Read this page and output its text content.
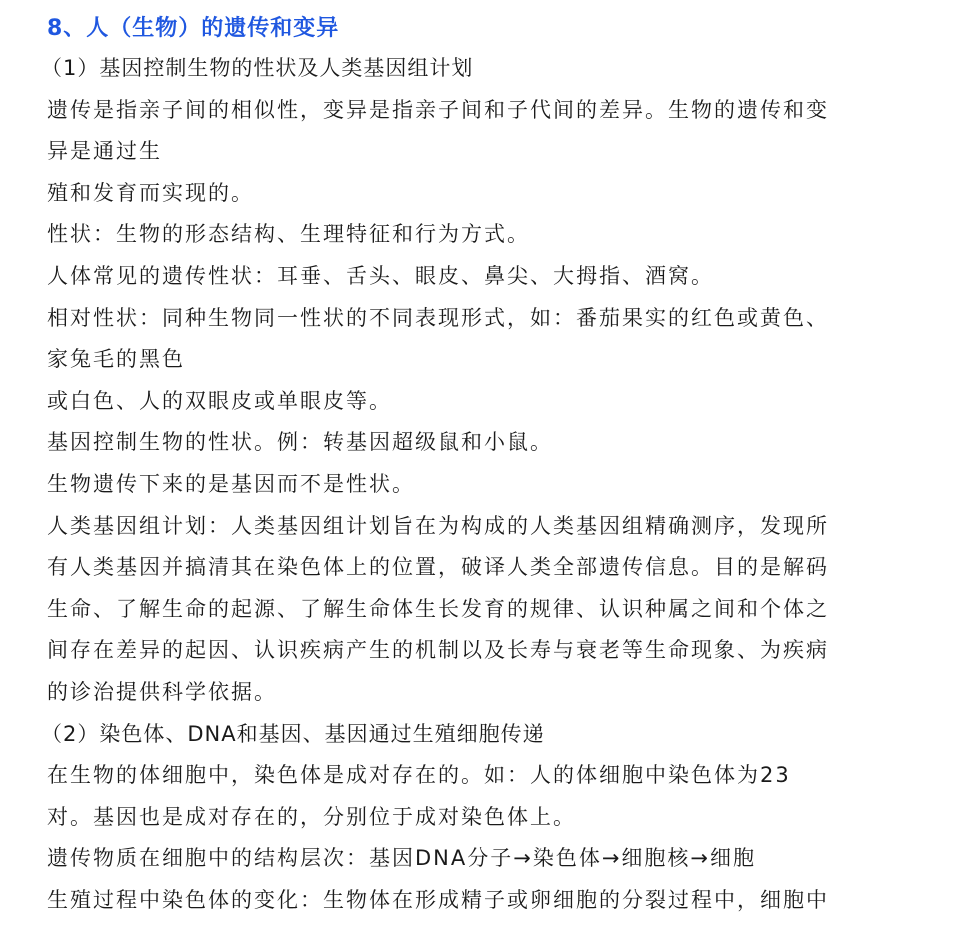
8、人（生物）的遗传和变异
（1）基因控制生物的性状及人类基因组计划
遗传是指亲子间的相似性，变异是指亲子间和子代间的差异。生物的遗传和变
异是通过生
殖和发育而实现的。
性状：生物的形态结构、生理特征和行为方式。
人体常见的遗传性状：耳垂、舌头、眼皮、鼻尖、大拇指、酒窝。
相对性状：同种生物同一性状的不同表现形式，如：番茄果实的红色或黄色、
家兔毛的黑色
或白色、人的双眼皮或单眼皮等。
基因控制生物的性状。例：转基因超级鼠和小鼠。
生物遗传下来的是基因而不是性状。
人类基因组计划：人类基因组计划旨在为构成的人类基因组精确测序，发现所
有人类基因并搞清其在染色体上的位置，破译人类全部遗传信息。目的是解码
生命、了解生命的起源、了解生命体生长发育的规律、认识种属之间和个体之
间存在差异的起因、认识疾病产生的机制以及长寿与衰老等生命现象、为疾病
的诊治提供科学依据。
（2）染色体、DNA和基因、基因通过生殖细胞传递
在生物的体细胞中，染色体是成对存在的。如：人的体细胞中染色体为23
对。基因也是成对存在的，分别位于成对染色体上。
遗传物质在细胞中的结构层次：基因DNA分子→染色体→细胞核→细胞
生殖过程中染色体的变化：生物体在形成精子或卵细胞的分裂过程中，细胞中
